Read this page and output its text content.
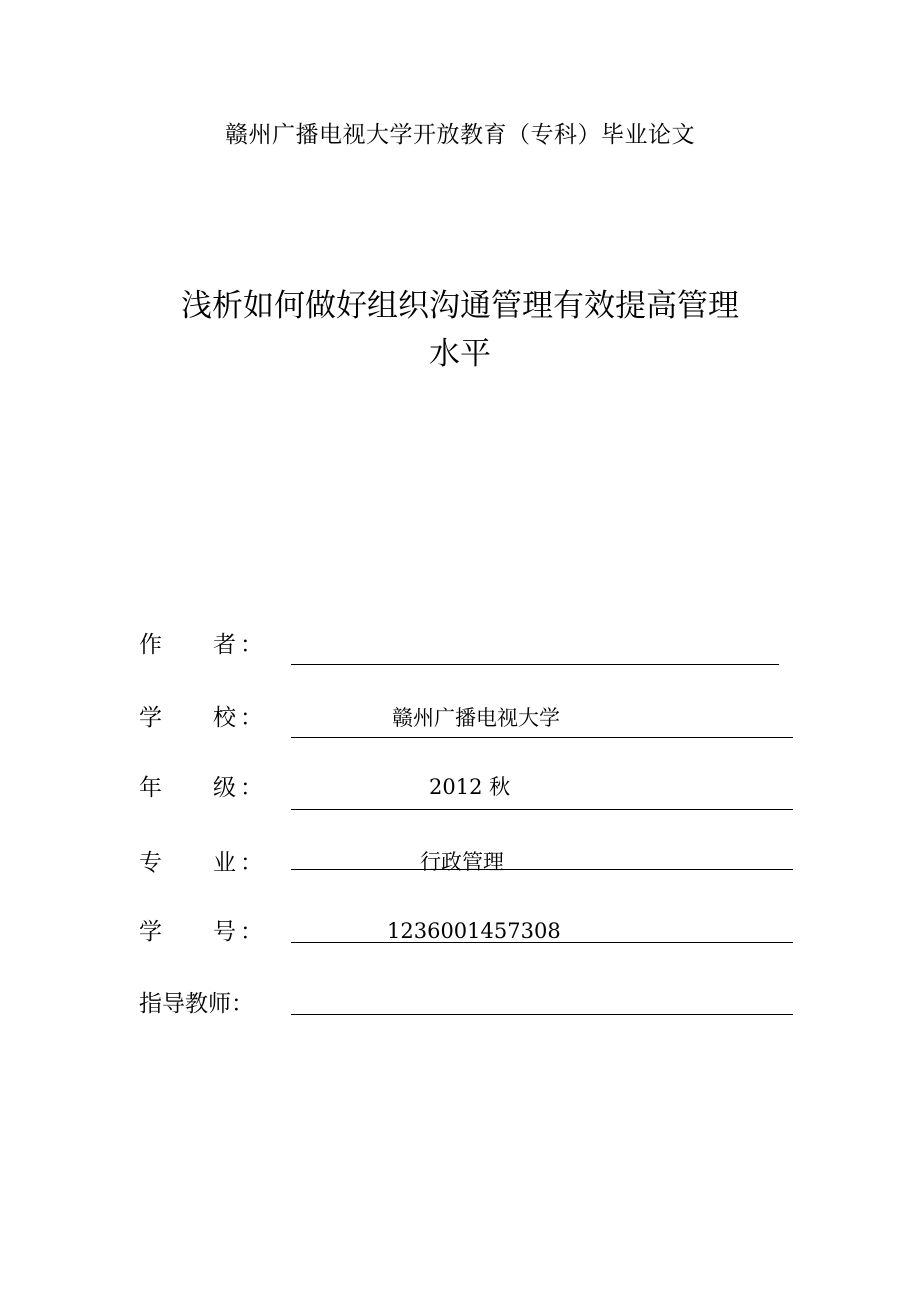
赣州广播电视大学开放教育（专科）毕业论文
浅析如何做好组织沟通管理有效提高管理
水平
作 者 ：
学 校 ：	赣州广播电视大学
年 级 ：	2012 秋
专 业 ：	行政管理
学 号 ：	1236001457308
指导教师 ：
